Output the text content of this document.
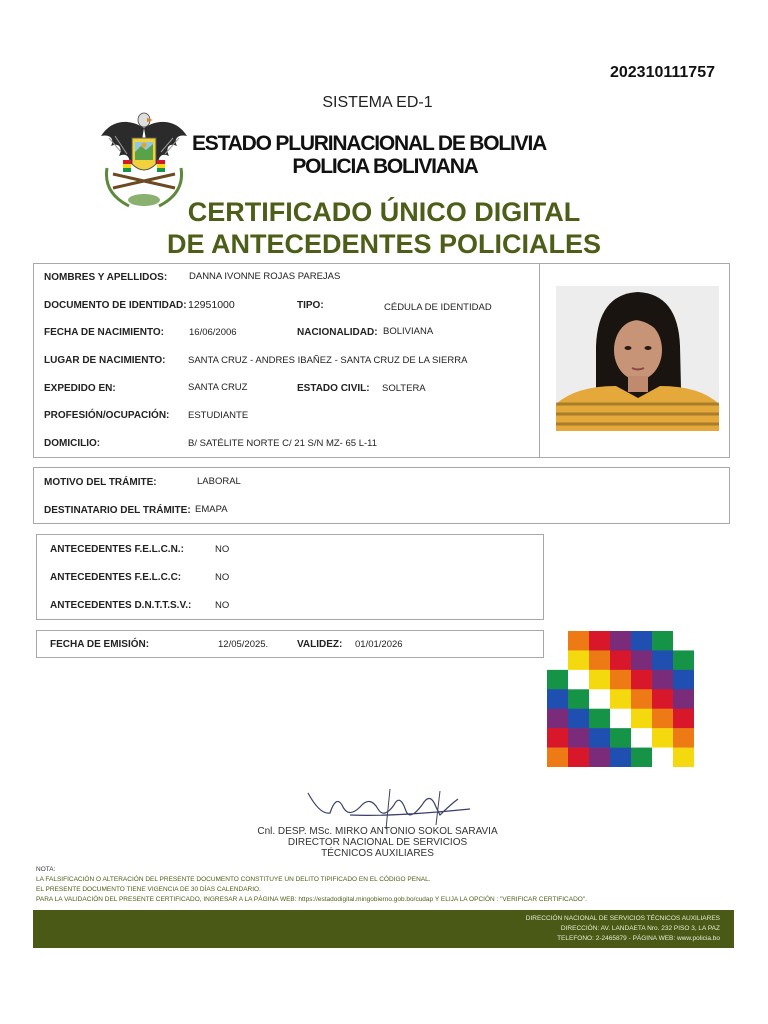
202310111757
SISTEMA ED-1
ESTADO PLURINACIONAL DE BOLIVIA
POLICIA BOLIVIANA
CERTIFICADO ÚNICO DIGITAL
DE ANTECEDENTES POLICIALES
NOMBRES Y APELLIDOS: DANNA IVONNE ROJAS PAREJAS
DOCUMENTO DE IDENTIDAD: 12951000	TIPO:	CÉDULA DE IDENTIDAD
FECHA DE NACIMIENTO:	16/06/2006	NACIONALIDAD: BOLIVIANA
LUGAR DE NACIMIENTO: SANTA CRUZ - ANDRES IBAÑEZ - SANTA CRUZ DE LA SIERRA
EXPEDIDO EN:	SANTA CRUZ	ESTADO CIVIL: SOLTERA
PROFESIÓN/OCUPACIÓN: ESTUDIANTE
DOMICILIO:	B/ SATÉLITE NORTE C/ 21 S/N MZ- 65 L-11
MOTIVO DEL TRÁMITE:	LABORAL
DESTINATARIO DEL TRÁMITE: EMAPA
ANTECEDENTES F.E.L.C.N.:	NO
ANTECEDENTES F.E.L.C.C:	NO
ANTECEDENTES D.N.T.T.S.V.: NO
FECHA DE EMISIÓN:	12/05/2025.	VALIDEZ: 01/01/2026
Cnl. DESP. MSc. MIRKO ANTONIO SOKOL SARAVIA
DIRECTOR NACIONAL DE SERVICIOS
TÉCNICOS AUXILIARES
NOTA:
LA FALSIFICACIÓN O ALTERACIÓN DEL PRESENTE DOCUMENTO CONSTITUYE UN DELITO TIPIFICADO EN EL CÓDIGO PENAL.
EL PRESENTE DOCUMENTO TIENE VIGENCIA DE 30 DÍAS CALENDARIO.
PARA LA VALIDACIÓN DEL PRESENTE CERTIFICADO, INGRESAR A LA PÁGINA WEB: https://estadodigital.mingobierno.gob.bo/cudap Y ELIJA LA OPCIÓN : "VERIFICAR CERTIFICADO".
DIRECCIÓN NACIONAL DE SERVICIOS TÉCNICOS AUXILIARES
DIRECCIÓN: AV. LANDAETA Nro. 232 PISO 3, LA PAZ
TELEFONO: 2-2465879 - PÁGINA WEB: www.policia.bo
